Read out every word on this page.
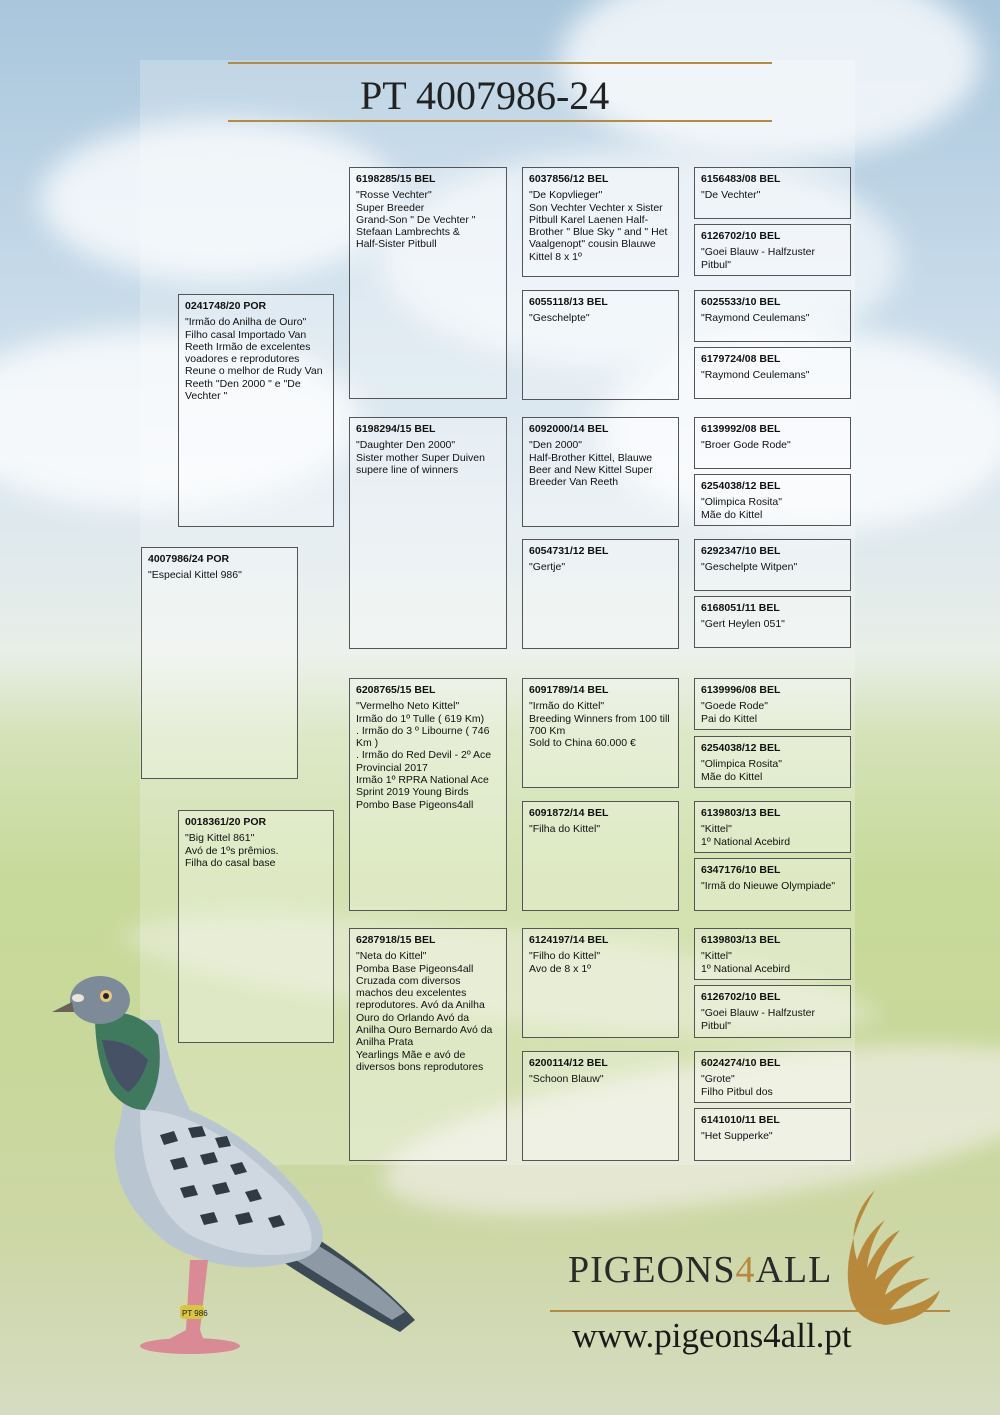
PT 4007986-24
4007986/24 POR
"Especial Kittel 986"
0241748/20 POR
"Irmão do Anilha de Ouro"
Filho casal Importado Van Reeth Irmão de excelentes voadores e reprodutores Reune o melhor de Rudy Van Reeth "Den 2000 " e "De Vechter "
0018361/20 POR
"Big Kittel 861"
Avó de 1ºs prêmios.
Filha do casal base
6198285/15 BEL
"Rosse Vechter"
Super Breeder
Grand-Son " De Vechter " Stefaan Lambrechts &
Half-Sister Pitbull
6198294/15 BEL
"Daughter Den 2000"
Sister mother Super Duiven supere line of winners
6208765/15 BEL
"Vermelho Neto Kittel"
Irmão do 1º Tulle ( 619 Km)
. Irmão do 3 º Libourne ( 746 Km )
. Irmão do Red Devil - 2º Ace Provincial 2017
Irmão 1º RPRA National Ace Sprint 2019 Young Birds
Pombo Base Pigeons4all
6287918/15 BEL
"Neta do Kittel"
Pomba Base Pigeons4all Cruzada com diversos machos deu excelentes reprodutores. Avó da Anilha Ouro do Orlando Avó da Anilha Ouro Bernardo Avó da Anilha Prata
Yearlings Mãe e avó de diversos bons reprodutores
6037856/12 BEL
"De Kopvlieger"
Son Vechter Vechter x Sister Pitbull Karel Laenen Half-Brother " Blue Sky " and " Het Vaalgenopt" cousin Blauwe Kittel 8 x 1º
6055118/13 BEL
"Geschelpte"
6092000/14 BEL
"Den 2000"
Half-Brother Kittel, Blauwe Beer and New Kittel Super Breeder Van Reeth
6054731/12 BEL
"Gertje"
6091789/14 BEL
"Irmão do Kittel"
Breeding Winners from 100 till 700 Km
Sold to China 60.000 €
6091872/14 BEL
"Filha do Kittel"
6124197/14 BEL
"Filho do Kittel"
Avo de 8 x 1º
6200114/12 BEL
"Schoon Blauw"
6156483/08 BEL
"De Vechter"
6126702/10 BEL
"Goei Blauw - Halfzuster Pitbul"
6025533/10 BEL
"Raymond Ceulemans"
6179724/08 BEL
"Raymond Ceulemans"
6139992/08 BEL
"Broer Gode Rode"
6254038/12 BEL
"Olimpica Rosita"
Mãe do Kittel
6292347/10 BEL
"Geschelpte Witpen"
6168051/11 BEL
"Gert Heylen 051"
6139996/08 BEL
"Goede Rode"
Pai do Kittel
6254038/12 BEL
"Olimpica Rosita"
Mãe do Kittel
6139803/13 BEL
"Kittel"
1º National Acebird
6347176/10 BEL
"Irmã do Nieuwe Olympiade"
6139803/13 BEL
"Kittel"
1º National Acebird
6126702/10 BEL
"Goei Blauw - Halfzuster Pitbul"
6024274/10 BEL
"Grote"
Filho Pitbul dos
6141010/11 BEL
"Het Supperke"
PT 986
PIGEONS4ALL
www.pigeons4all.pt
